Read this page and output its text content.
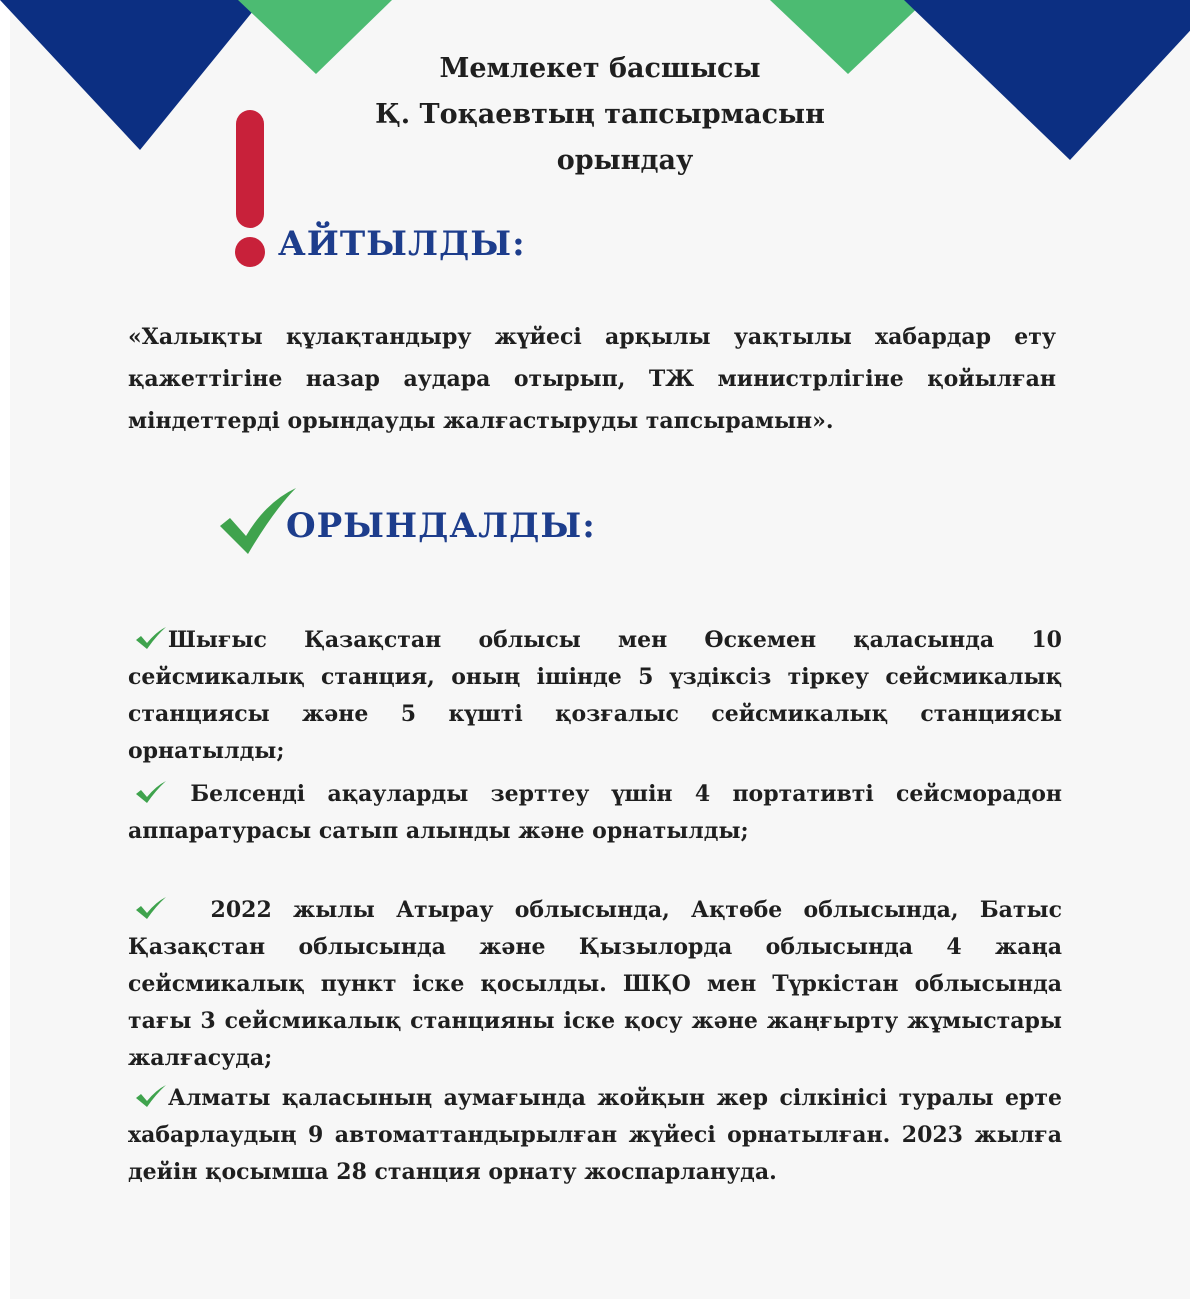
Мемлекет басшысы
Қ. Тоқаевтың тапсырмасын
орындау
АЙТЫЛДЫ:
«Халықты құлақтандыру жүйесі арқылы уақтылы хабардар ету қажеттігіне назар аудара отырып, ТЖ министрлігіне қойылған міндеттерді орындауды жалғастыруды тапсырамын».
ОРЫНДАЛДЫ:
Шығыс Қазақстан облысы мен Өскемен қаласында 10 сейсмикалық станция, оның ішінде 5 үздіксіз тіркеу сейсмикалық станциясы және 5 күшті қозғалыс сейсмикалық станциясы орнатылды;
Белсенді ақауларды зерттеу үшін 4 портативті сейсморадон аппаратурасы сатып алынды және орнатылды;
2022 жылы Атырау облысында, Ақтөбе облысында, Батыс Қазақстан облысында және Қызылорда облысында 4 жаңа сейсмикалық пункт іске қосылды. ШҚО мен Түркістан облысында тағы 3 сейсмикалық станцияны іске қосу және жаңғырту жұмыстары жалғасуда;
Алматы қаласының аумағында жойқын жер сілкінісі туралы ерте хабарлаудың 9 автоматтандырылған жүйесі орнатылған. 2023 жылға дейін қосымша 28 станция орнату жоспарлануда.
